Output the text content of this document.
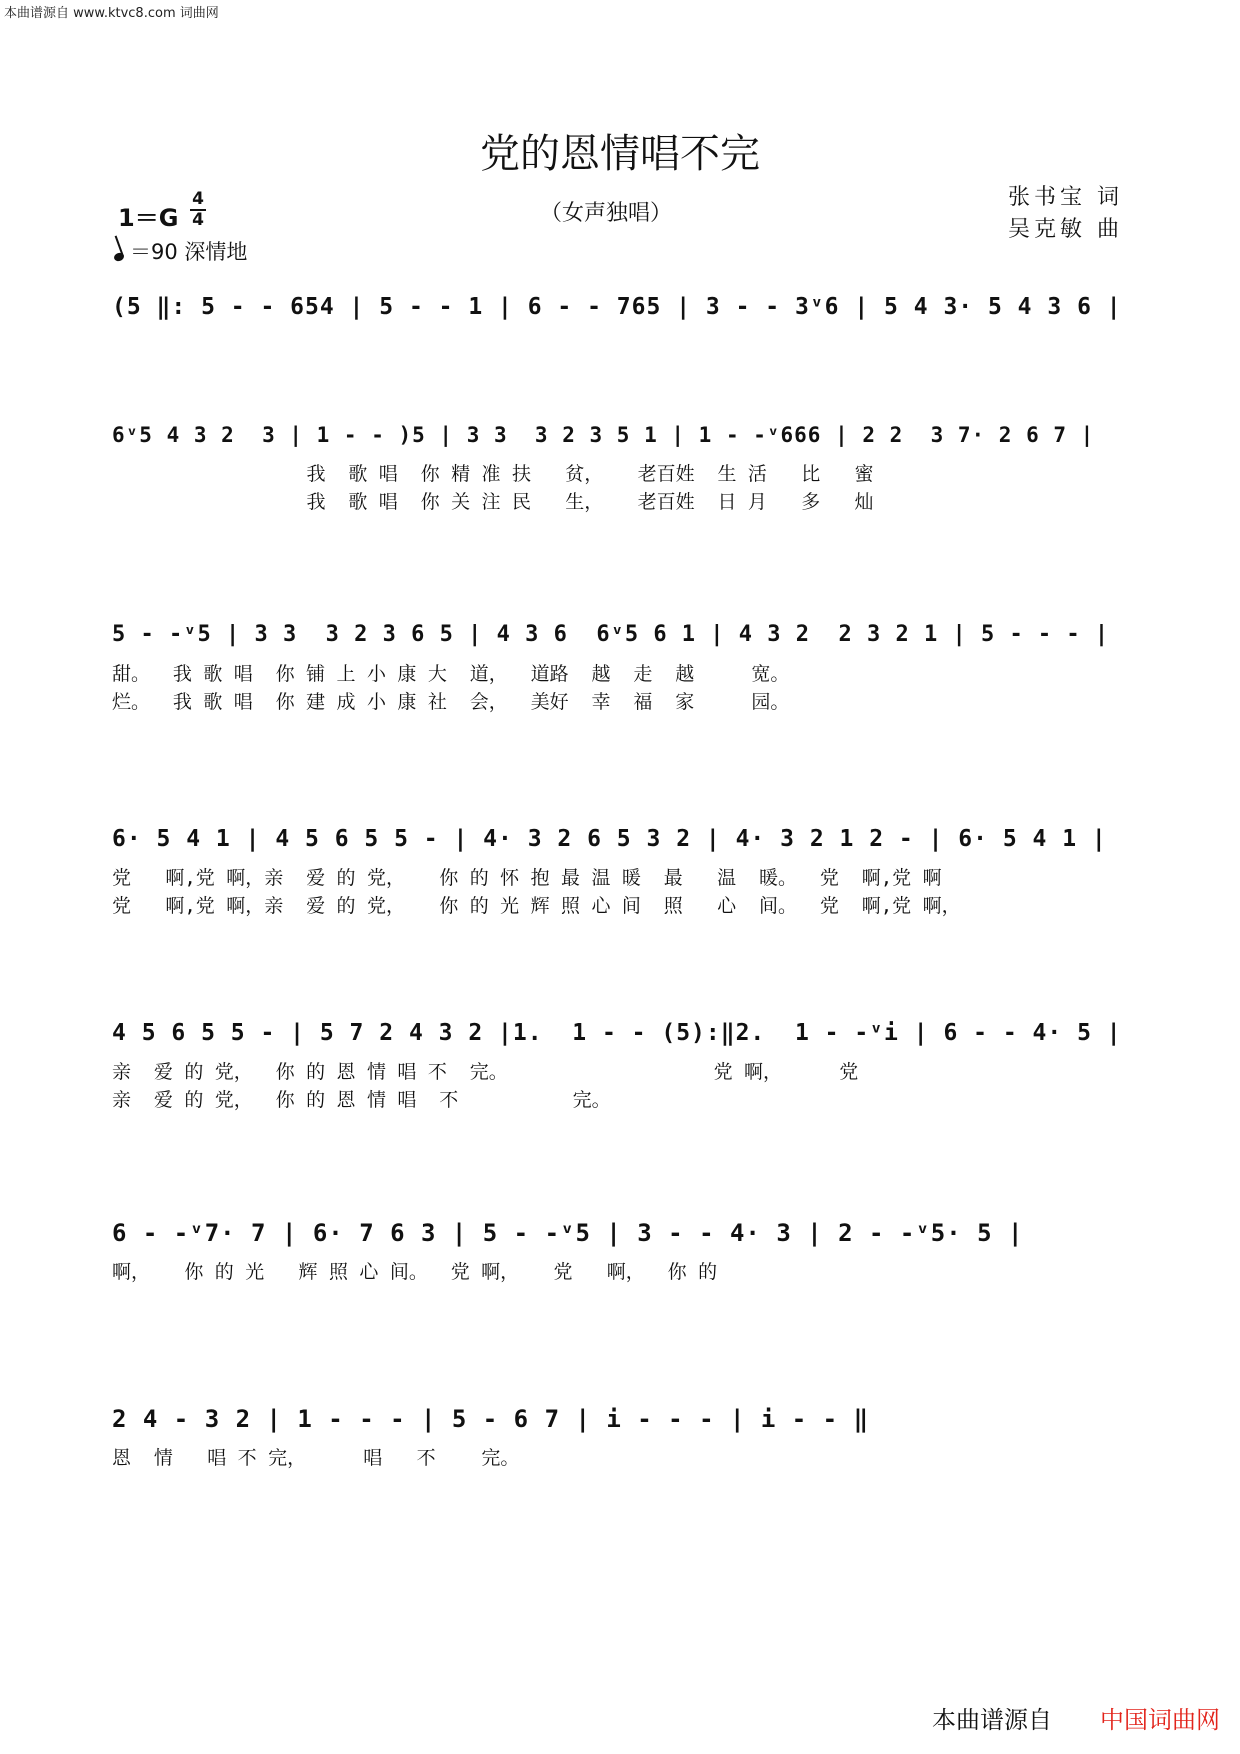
本曲谱源自 www.ktvc8.com 词曲网
党的恩情唱不完
（女声独唱）
张书宝 词
吴克敏 曲
1＝G
4
4
＝90 深情地
(5 ‖: 5 - - 654 | 5 - - 1 | 6 - - 765 | 3 - - 3ᵛ6 | 5 4 3· 5 4 3 6 |
6ᵛ5 4 3 2  3 | 1 - - )5 | 3 3  3 2 3 5 1 | 1 - -ᵛ666 | 2 2  3 7· 2 6 7 |
我  歌 唱  你 精 准 扶   贫，   老百姓  生 活   比   蜜
我  歌 唱  你 关 注 民   生，   老百姓  日 月   多   灿
5 - -ᵛ5 | 3 3  3 2 3 6 5 | 4 3 6  6ᵛ5 6 1 | 4 3 2  2 3 2 1 | 5 - - - |
甜。  我 歌 唱  你 铺 上 小 康 大  道，  道路  越  走  越     宽。
烂。  我 歌 唱  你 建 成 小 康 社  会，  美好  幸  福  家     园。
6· 5 4 1 | 4 5 6 5 5 - | 4· 3 2 6 5 3 2 | 4· 3 2 1 2 - | 6· 5 4 1 |
党   啊,党 啊，亲  爱 的 党，   你 的 怀 抱 最 温 暖  最   温  暖。  党  啊,党 啊
党   啊,党 啊，亲  爱 的 党，   你 的 光 辉 照 心 间  照   心  间。  党  啊,党 啊，
4 5 6 5 5 - | 5 7 2 4 3 2 |1.  1 - - (5):‖2.  1 - -ᵛi | 6 - - 4· 5 |
亲  爱 的 党，  你 的 恩 情 唱 不  完。                  党 啊，     党
亲  爱 的 党，  你 的 恩 情 唱  不          完。
6 - -ᵛ7· 7 | 6· 7 6 3 | 5 - -ᵛ5 | 3 - - 4· 3 | 2 - -ᵛ5· 5 |
啊，   你 的 光   辉 照 心 间。  党 啊，   党   啊，  你 的
2 4 - 3 2 | 1 - - - | 5 - 6 7 | i - - - | i - - ‖
恩  情   唱 不 完，     唱   不    完。
本曲谱源自 中国词曲网
